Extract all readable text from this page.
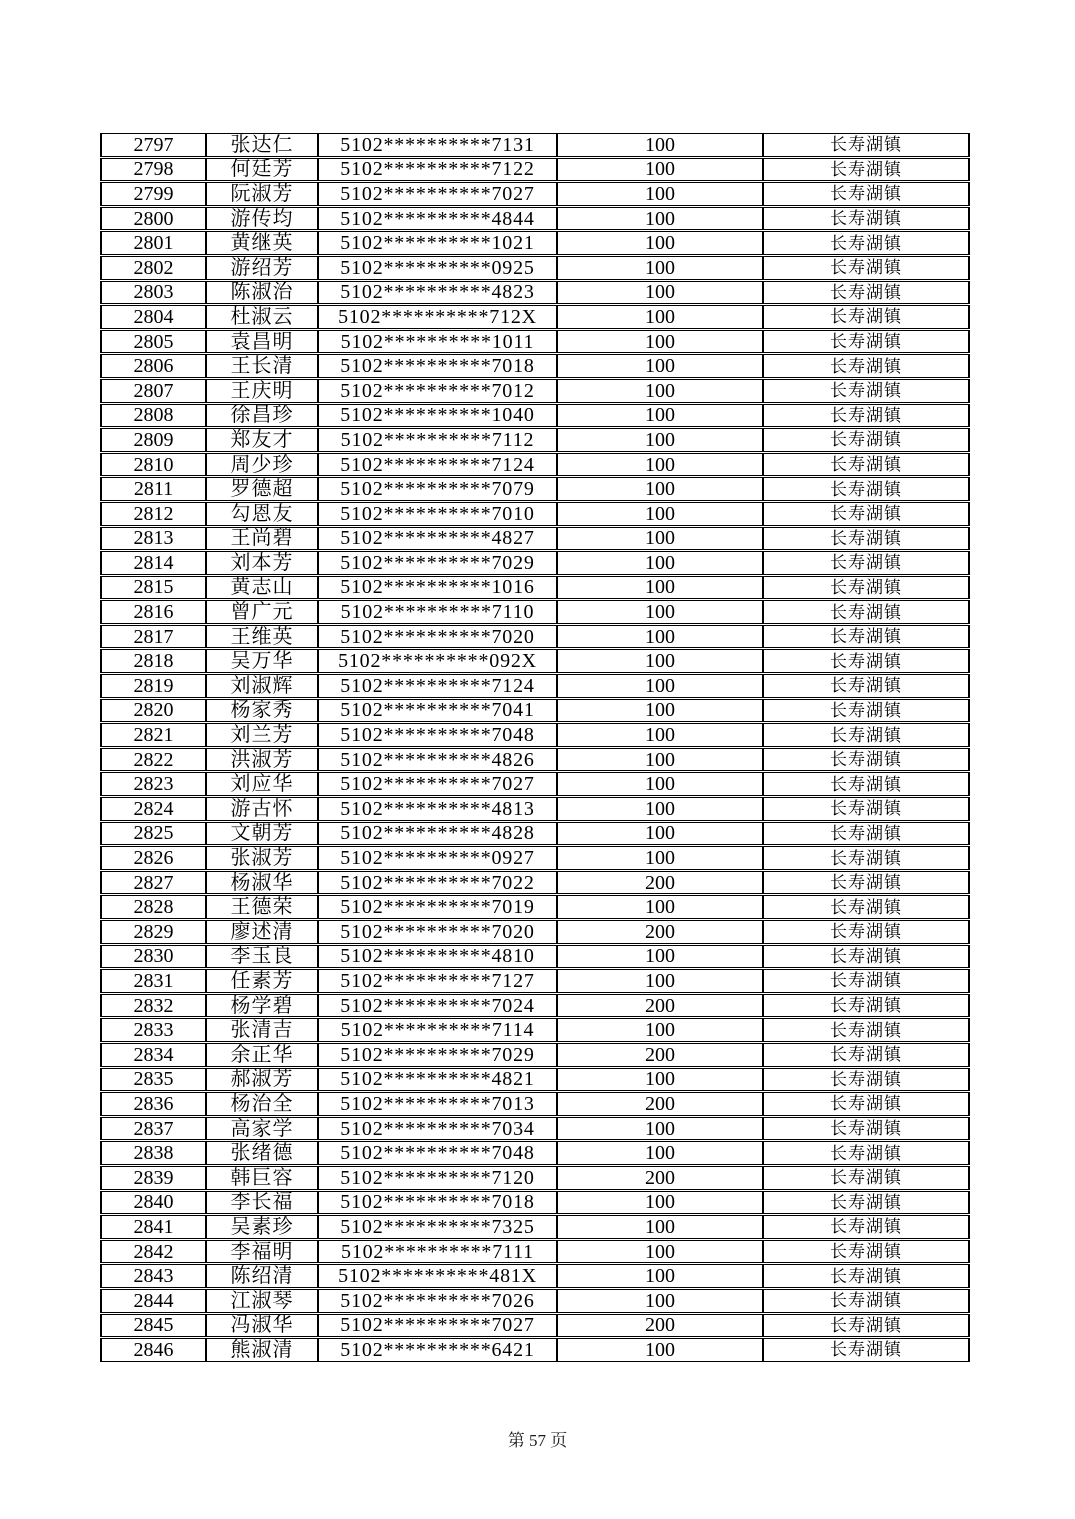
2797	张达仁	5102**********7131	100	长寿湖镇
2798	何廷芳	5102**********7122	100	长寿湖镇
2799	阮淑芳	5102**********7027	100	长寿湖镇
2800	游传均	5102**********4844	100	长寿湖镇
2801	黄继英	5102**********1021	100	长寿湖镇
2802	游绍芳	5102**********0925	100	长寿湖镇
2803	陈淑治	5102**********4823	100	长寿湖镇
2804	杜淑云	5102**********712X	100	长寿湖镇
2805	袁昌明	5102**********1011	100	长寿湖镇
2806	王长清	5102**********7018	100	长寿湖镇
2807	王庆明	5102**********7012	100	长寿湖镇
2808	徐昌珍	5102**********1040	100	长寿湖镇
2809	郑友才	5102**********7112	100	长寿湖镇
2810	周少珍	5102**********7124	100	长寿湖镇
2811	罗德超	5102**********7079	100	长寿湖镇
2812	勾恩友	5102**********7010	100	长寿湖镇
2813	王尚碧	5102**********4827	100	长寿湖镇
2814	刘本芳	5102**********7029	100	长寿湖镇
2815	黄志山	5102**********1016	100	长寿湖镇
2816	曾广元	5102**********7110	100	长寿湖镇
2817	王维英	5102**********7020	100	长寿湖镇
2818	吴万华	5102**********092X	100	长寿湖镇
2819	刘淑辉	5102**********7124	100	长寿湖镇
2820	杨家秀	5102**********7041	100	长寿湖镇
2821	刘兰芳	5102**********7048	100	长寿湖镇
2822	洪淑芳	5102**********4826	100	长寿湖镇
2823	刘应华	5102**********7027	100	长寿湖镇
2824	游古怀	5102**********4813	100	长寿湖镇
2825	文朝芳	5102**********4828	100	长寿湖镇
2826	张淑芳	5102**********0927	100	长寿湖镇
2827	杨淑华	5102**********7022	200	长寿湖镇
2828	王德荣	5102**********7019	100	长寿湖镇
2829	廖述清	5102**********7020	200	长寿湖镇
2830	李玉良	5102**********4810	100	长寿湖镇
2831	任素芳	5102**********7127	100	长寿湖镇
2832	杨学碧	5102**********7024	200	长寿湖镇
2833	张清吉	5102**********7114	100	长寿湖镇
2834	余正华	5102**********7029	200	长寿湖镇
2835	郝淑芳	5102**********4821	100	长寿湖镇
2836	杨治全	5102**********7013	200	长寿湖镇
2837	高家学	5102**********7034	100	长寿湖镇
2838	张绪德	5102**********7048	100	长寿湖镇
2839	韩巨容	5102**********7120	200	长寿湖镇
2840	李长福	5102**********7018	100	长寿湖镇
2841	吴素珍	5102**********7325	100	长寿湖镇
2842	李福明	5102**********7111	100	长寿湖镇
2843	陈绍清	5102**********481X	100	长寿湖镇
2844	江淑琴	5102**********7026	100	长寿湖镇
2845	冯淑华	5102**********7027	200	长寿湖镇
2846	熊淑清	5102**********6421	100	长寿湖镇
第 57 页
